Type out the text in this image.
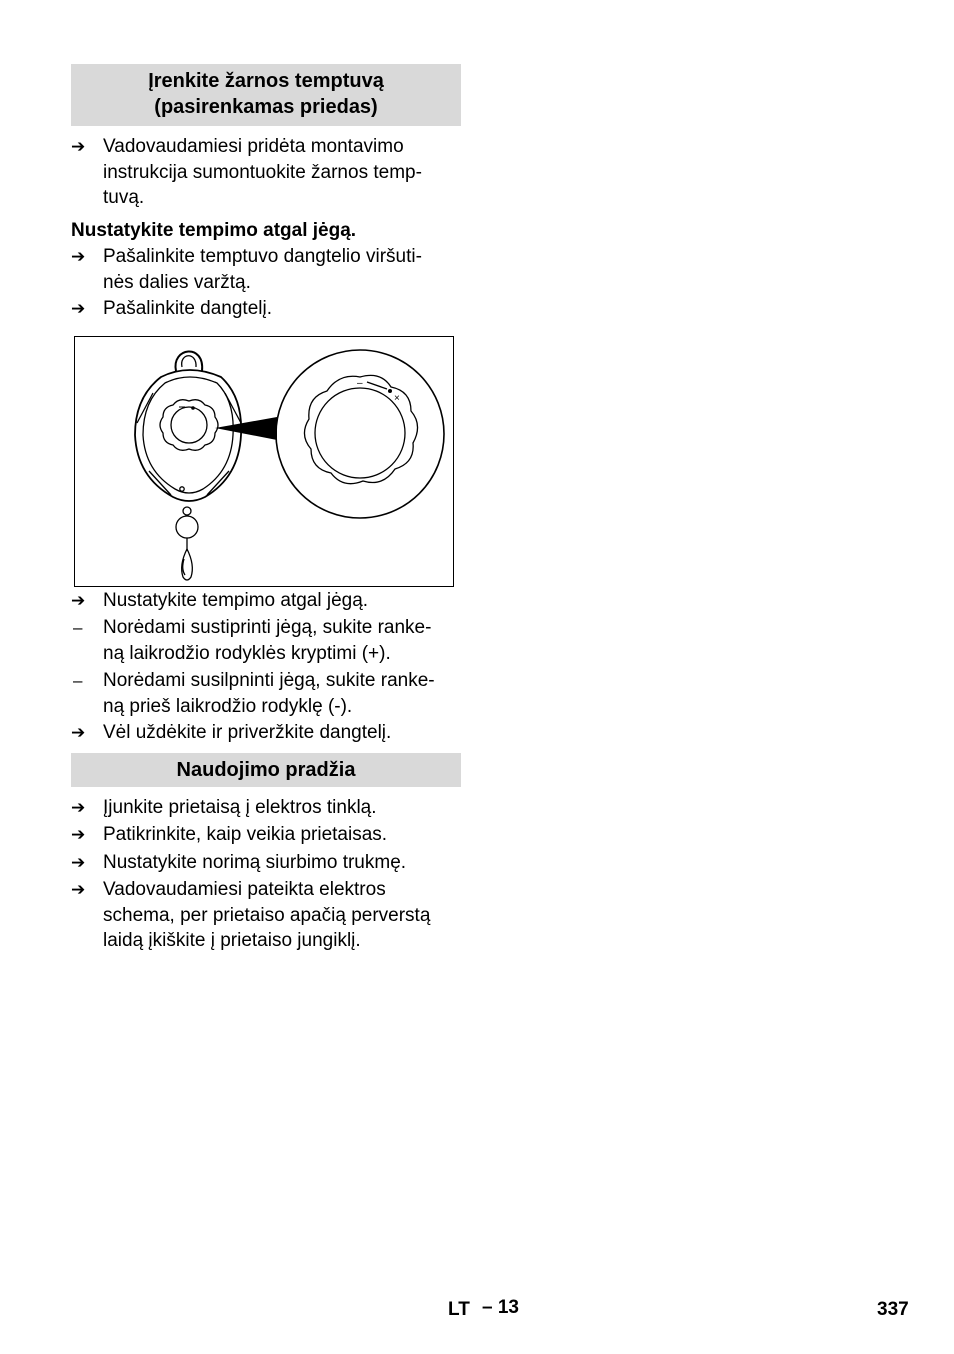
Įrenkite žarnos temptuvą
(pasirenkamas priedas)
➔ Vadovaudamiesi pridėta montavimo
instrukcija sumontuokite žarnos temp-
tuvą.
Nustatykite tempimo atgal jėgą.
➔ Pašalinkite temptuvo dangtelio viršuti-
nės dalies varžtą.
➔ Pašalinkite dangtelį.
–
×
➔ Nustatykite tempimo atgal jėgą.
–	Norėdami sustiprinti jėgą, sukite ranke-
ną laikrodžio rodyklės kryptimi (+).
–	Norėdami susilpninti jėgą, sukite ranke-
ną prieš laikrodžio rodyklę (-).
➔ Vėl uždėkite ir priveržkite dangtelį.
Naudojimo pradžia
➔ Įjunkite prietaisą į elektros tinklą.
➔ Patikrinkite, kaip veikia prietaisas.
➔ Nustatykite norimą siurbimo trukmę.
➔ Vadovaudamiesi pateikta elektros
schema, per prietaiso apačią perverstą
laidą įkiškite į prietaiso jungiklį.
LT – 13	337
